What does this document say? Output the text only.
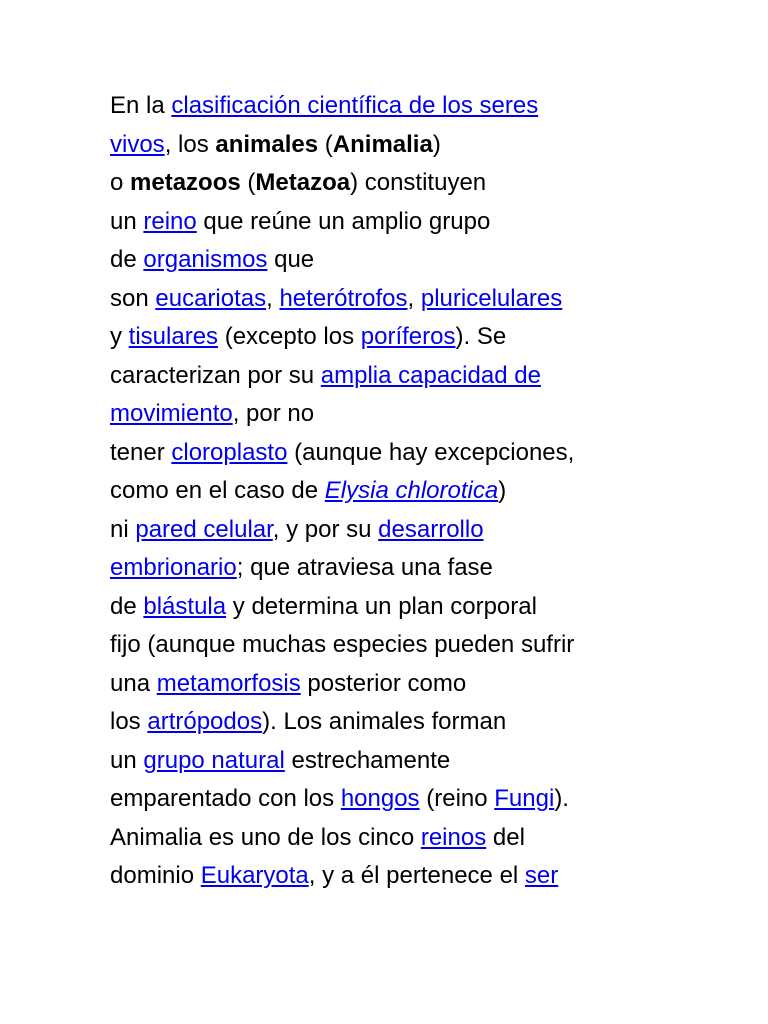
En la clasificación científica de los seres
vivos, los animales (Animalia)
o metazoos (Metazoa) constituyen
un reino que reúne un amplio grupo
de organismos que
son eucariotas, heterótrofos, pluricelulares
y tisulares (excepto los poríferos). Se
caracterizan por su amplia capacidad de
movimiento, por no
tener cloroplasto (aunque hay excepciones,
como en el caso de Elysia chlorotica)
ni pared celular, y por su desarrollo
embrionario; que atraviesa una fase
de blástula y determina un plan corporal
fijo (aunque muchas especies pueden sufrir
una metamorfosis posterior como
los artrópodos). Los animales forman
un grupo natural estrechamente
emparentado con los hongos (reino Fungi).
Animalia es uno de los cinco reinos del
dominio Eukaryota, y a él pertenece el ser
